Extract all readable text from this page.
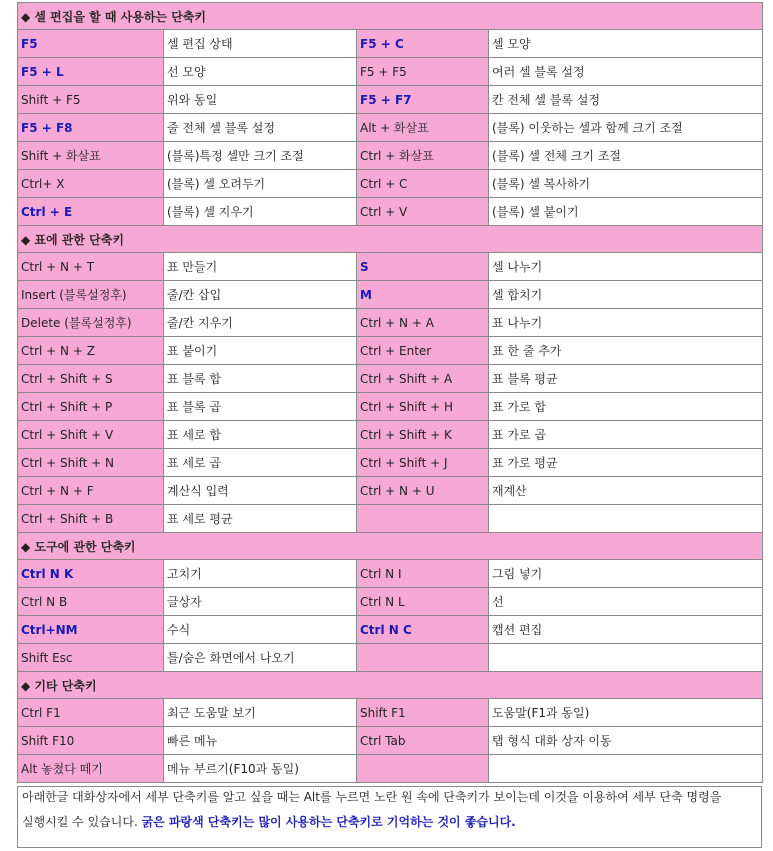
◆ 셀 편집을 할 때 사용하는 단축키			
F5	셀 편집 상태	F5 + C	셀 모양
F5 + L	선 모양	F5 + F5	여러 셀 블록 설정
Shift + F5	위와 동일	F5 + F7	칸 전체 셀 블록 설정
F5 + F8	줄 전체 셀 블록 설정	Alt + 화살표	(블록) 이웃하는 셀과 함께 크기 조절
Shift + 화살표	(블록)특정 셀만 크기 조절	Ctrl + 화살표	(블록) 셀 전체 크기 조절
Ctrl+ X	(블록) 셀 오려두기	Ctrl + C	(블록) 셀 복사하기
Ctrl + E	(블록) 셀 지우기	Ctrl + V	(블록) 셀 붙이기
◆ 표에 관한 단축키			
Ctrl + N + T	표 만들기	S	셀 나누기
Insert (블록설정후)	줄/칸 삽입	M	셀 합치기
Delete (블록설정후)	줄/칸 지우기	Ctrl + N + A	표 나누기
Ctrl + N + Z	표 붙이기	Ctrl + Enter	표 한 줄 추가
Ctrl + Shift + S	표 블록 합	Ctrl + Shift + A	표 블록 평균
Ctrl + Shift + P	표 블록 곱	Ctrl + Shift + H	표 가로 합
Ctrl + Shift + V	표 세로 합	Ctrl + Shift + K	표 가로 곱
Ctrl + Shift + N	표 세로 곱	Ctrl + Shift + J	표 가로 평균
Ctrl + N + F	계산식 입력	Ctrl + N + U	재계산
Ctrl + Shift + B	표 세로 평균		
◆ 도구에 관한 단축키			
Ctrl N K	고치기	Ctrl N I	그림 넣기
Ctrl N B	글상자	Ctrl N L	선
Ctrl+NM	수식	Ctrl N C	캡션 편집
Shift Esc	틀/숨은 화면에서 나오기		
◆ 기타 단축키			
Ctrl F1	최근 도움말 보기	Shift F1	도움말(F1과 동일)
Shift F10	빠른 메뉴	Ctrl Tab	탭 형식 대화 상자 이동
Alt 놓쳤다 떼기	메뉴 부르기(F10과 동일)		
아래한글 대화상자에서 세부 단축키를 알고 싶을 때는 Alt를 누르면 노란 원 속에 단축키가 보이는데 이것을 이용하여 세부 단축 명령을
실행시킬 수 있습니다. 굵은 파랑색 단축키는 많이 사용하는 단축키로 기억하는 것이 좋습니다.
